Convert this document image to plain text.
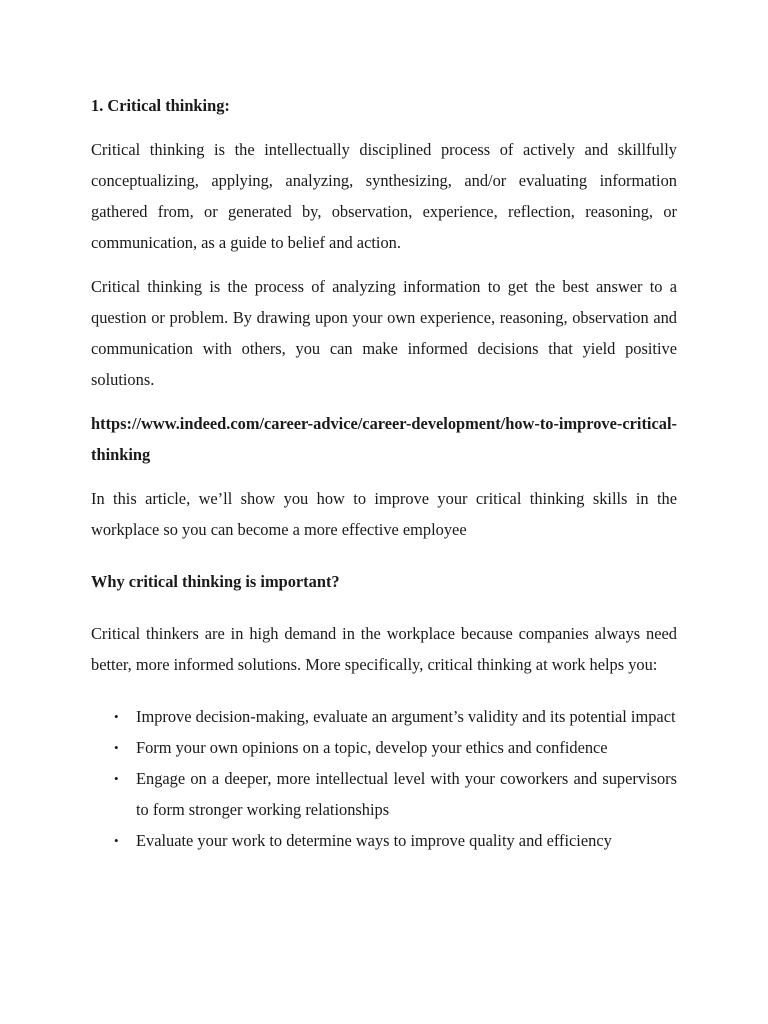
1. Critical thinking:

Critical thinking is the intellectually disciplined process of actively and skillfully conceptualizing, applying, analyzing, synthesizing, and/or evaluating information gathered from, or generated by, observation, experience, reflection, reasoning, or communication, as a guide to belief and action.

Critical thinking is the process of analyzing information to get the best answer to a question or problem. By drawing upon your own experience, reasoning, observation and communication with others, you can make informed decisions that yield positive solutions.

https://www.indeed.com/career-advice/career-development/how-to-improve-critical-thinking

In this article, we’ll show you how to improve your critical thinking skills in the workplace so you can become a more effective employee

Why critical thinking is important?

Critical thinkers are in high demand in the workplace because companies always need better, more informed solutions. More specifically, critical thinking at work helps you:

• Improve decision-making, evaluate an argument’s validity and its potential impact
• Form your own opinions on a topic, develop your ethics and confidence
• Engage on a deeper, more intellectual level with your coworkers and supervisors to form stronger working relationships
• Evaluate your work to determine ways to improve quality and efficiency
